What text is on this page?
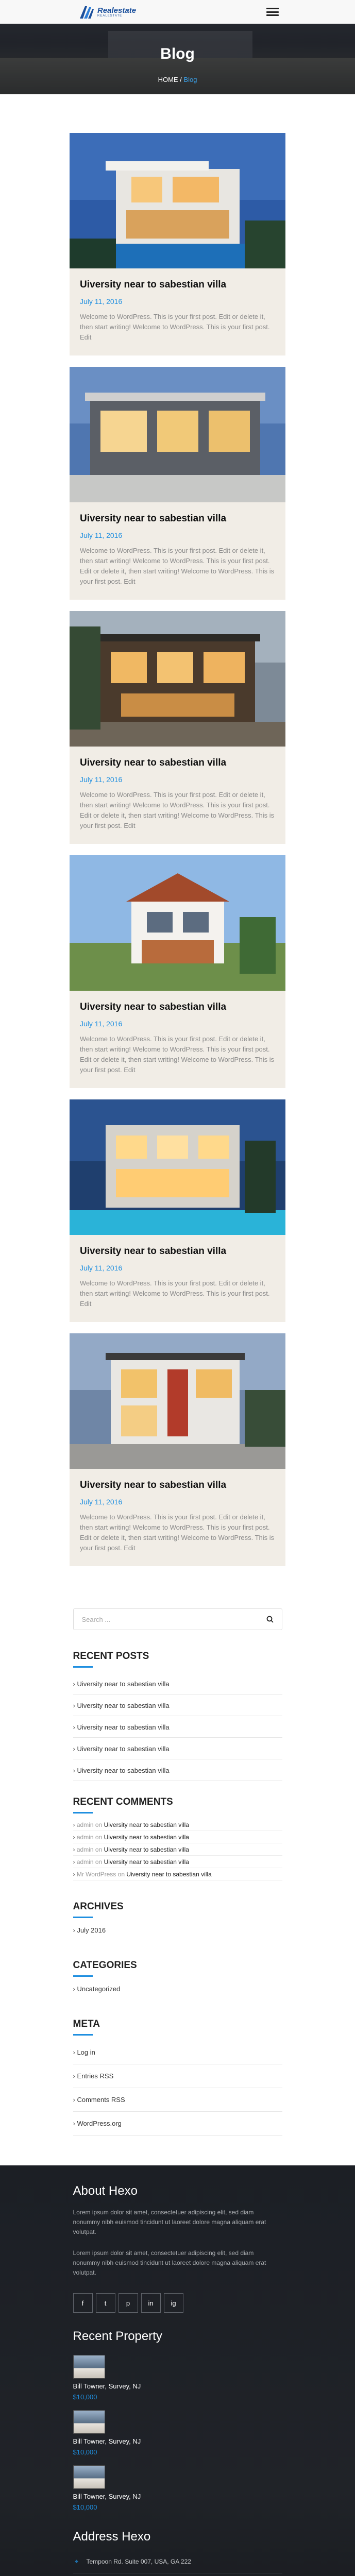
Realestate
REALESTATE
Blog
HOME / Blog
Uiversity near to sabestian villa
July 11, 2016

Welcome to WordPress. This is your first post. Edit or delete it, then start writing! Welcome to WordPress. This is your first post. Edit

Uiversity near to sabestian villa
July 11, 2016

Welcome to WordPress. This is your first post. Edit or delete it, then start writing! Welcome to WordPress. This is your first post. Edit or delete it, then start writing! Welcome to WordPress. This is your first post. Edit

Uiversity near to sabestian villa
July 11, 2016

Welcome to WordPress. This is your first post. Edit or delete it, then start writing! Welcome to WordPress. This is your first post. Edit or delete it, then start writing! Welcome to WordPress. This is your first post. Edit

Uiversity near to sabestian villa
July 11, 2016

Welcome to WordPress. This is your first post. Edit or delete it, then start writing! Welcome to WordPress. This is your first post. Edit or delete it, then start writing! Welcome to WordPress. This is your first post. Edit

Uiversity near to sabestian villa
July 11, 2016

Welcome to WordPress. This is your first post. Edit or delete it, then start writing! Welcome to WordPress. This is your first post. Edit

Uiversity near to sabestian villa
July 11, 2016

Welcome to WordPress. This is your first post. Edit or delete it, then start writing! Welcome to WordPress. This is your first post. Edit or delete it, then start writing! Welcome to WordPress. This is your first post. Edit

Search ...
RECENT POSTS
› Uiversity near to sabestian villa
› Uiversity near to sabestian villa
› Uiversity near to sabestian villa
› Uiversity near to sabestian villa
› Uiversity near to sabestian villa
RECENT COMMENTS
› admin on Uiversity near to sabestian villa
› admin on Uiversity near to sabestian villa
› admin on Uiversity near to sabestian villa
› admin on Uiversity near to sabestian villa
› Mr WordPress on Uiversity near to sabestian villa
ARCHIVES
› July 2016
CATEGORIES
› Uncategorized
META
› Log in
› Entries RSS
› Comments RSS
› WordPress.org
About Hexo
Lorem ipsum dolor sit amet, consectetuer adipiscing elit, sed diam nonummy nibh euismod tincidunt ut laoreet dolore magna aliquam erat volutpat.
Lorem ipsum dolor sit amet, consectetuer adipiscing elit, sed diam nonummy nibh euismod tincidunt ut laoreet dolore magna aliquam erat volutpat.
f	t	p	in	ig
Recent Property
Bill Towner, Survey, NJ
$10,000
Bill Towner, Survey, NJ
$10,000
Bill Towner, Survey, NJ
$10,000
Address Hexo
⌖ Tempoon Rd. Suite 007, USA, GA 222
